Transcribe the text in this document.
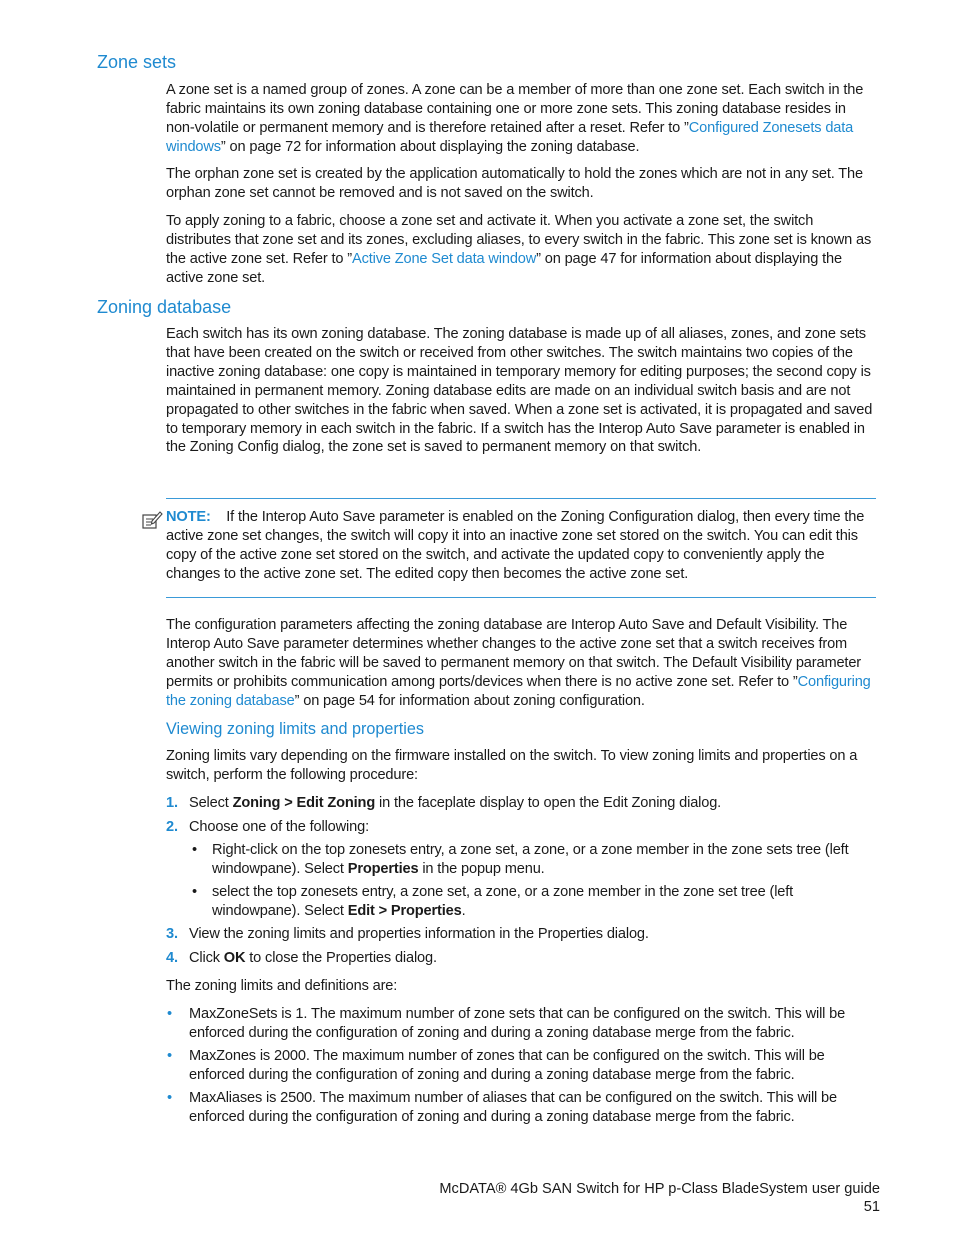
Zone sets

A zone set is a named group of zones. A zone can be a member of more than one zone set. Each switch in the fabric maintains its own zoning database containing one or more zone sets. This zoning database resides in non-volatile or permanent memory and is therefore retained after a reset. Refer to ”Configured Zonesets data windows” on page 72 for information about displaying the zoning database.

The orphan zone set is created by the application automatically to hold the zones which are not in any set. The orphan zone set cannot be removed and is not saved on the switch.

To apply zoning to a fabric, choose a zone set and activate it. When you activate a zone set, the switch distributes that zone set and its zones, excluding aliases, to every switch in the fabric. This zone set is known as the active zone set. Refer to ”Active Zone Set data window” on page 47 for information about displaying the active zone set.

Zoning database

Each switch has its own zoning database. The zoning database is made up of all aliases, zones, and zone sets that have been created on the switch or received from other switches. The switch maintains two copies of the inactive zoning database: one copy is maintained in temporary memory for editing purposes; the second copy is maintained in permanent memory. Zoning database edits are made on an individual switch basis and are not propagated to other switches in the fabric when saved. When a zone set is activated, it is propagated and saved to temporary memory in each switch in the fabric. If a switch has the Interop Auto Save parameter is enabled in the Zoning Config dialog, the zone set is saved to permanent memory on that switch.

NOTE: If the Interop Auto Save parameter is enabled on the Zoning Configuration dialog, then every time the active zone set changes, the switch will copy it into an inactive zone set stored on the switch. You can edit this copy of the active zone set stored on the switch, and activate the updated copy to conveniently apply the changes to the active zone set. The edited copy then becomes the active zone set.

The configuration parameters affecting the zoning database are Interop Auto Save and Default Visibility. The Interop Auto Save parameter determines whether changes to the active zone set that a switch receives from another switch in the fabric will be saved to permanent memory on that switch. The Default Visibility parameter permits or prohibits communication among ports/devices when there is no active zone set. Refer to ”Configuring the zoning database” on page 54 for information about zoning configuration.

Viewing zoning limits and properties

Zoning limits vary depending on the firmware installed on the switch. To view zoning limits and properties on a switch, perform the following procedure:

1. Select Zoning > Edit Zoning in the faceplate display to open the Edit Zoning dialog.
2. Choose one of the following:
•	Right-click on the top zonesets entry, a zone set, a zone, or a zone member in the zone sets tree (left windowpane). Select Properties in the popup menu.
•	select the top zonesets entry, a zone set, a zone, or a zone member in the zone set tree (left windowpane). Select Edit > Properties.
3. View the zoning limits and properties information in the Properties dialog.
4. Click OK to close the Properties dialog.

The zoning limits and definitions are:

•	MaxZoneSets is 1. The maximum number of zone sets that can be configured on the switch. This will be enforced during the configuration of zoning and during a zoning database merge from the fabric.
•	MaxZones is 2000. The maximum number of zones that can be configured on the switch. This will be enforced during the configuration of zoning and during a zoning database merge from the fabric.
•	MaxAliases is 2500. The maximum number of aliases that can be configured on the switch. This will be enforced during the configuration of zoning and during a zoning database merge from the fabric.
McDATA® 4Gb SAN Switch for HP p-Class BladeSystem user guide51
